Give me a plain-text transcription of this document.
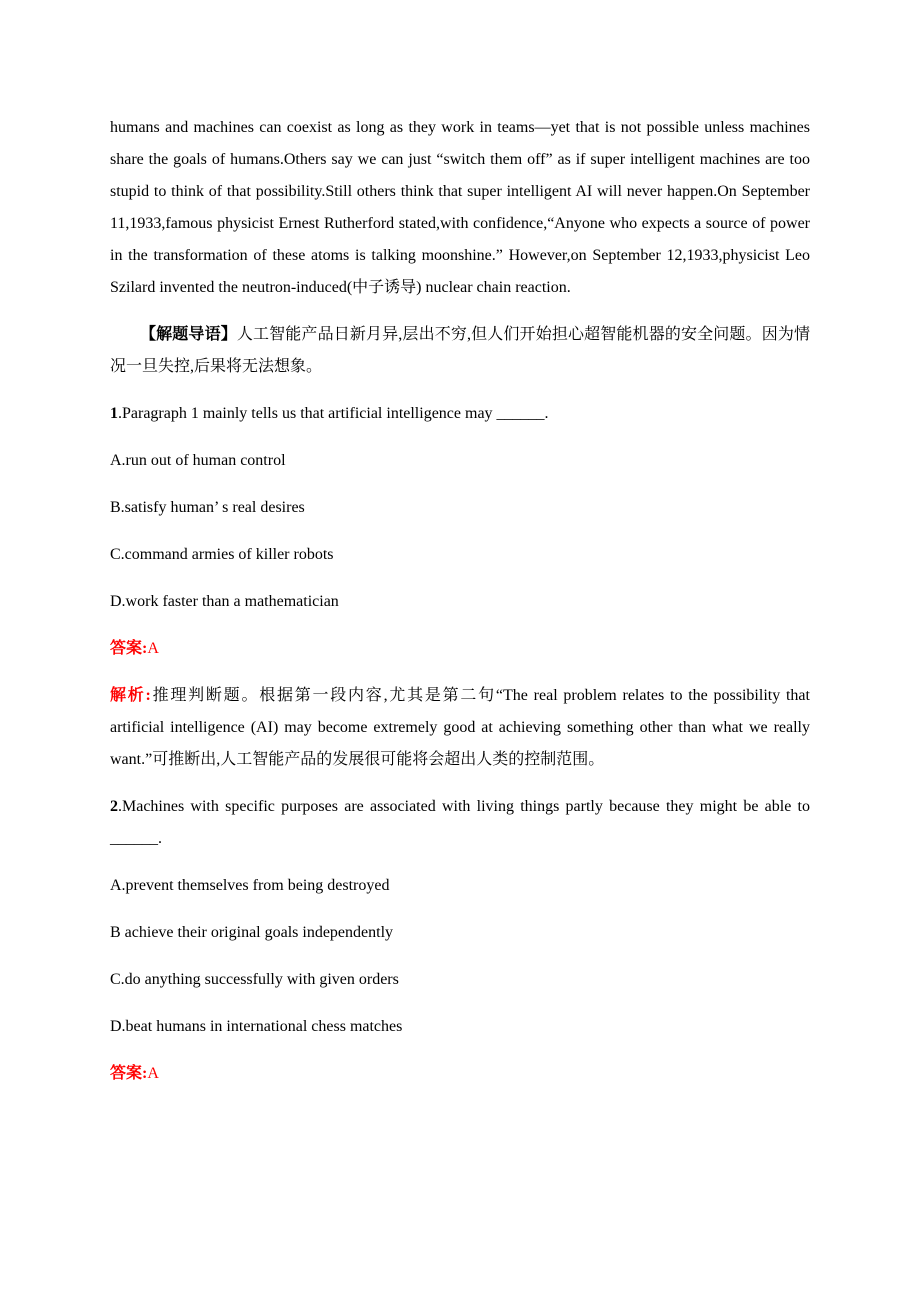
humans and machines can coexist as long as they work in teams—yet that is not possible unless machines share the goals of humans.Others say we can just “switch them off” as if super intelligent machines are too stupid to think of that possibility.Still others think that super intelligent AI will never happen.On September 11,1933,famous physicist Ernest Rutherford stated,with confidence,“Anyone who expects a source of power in the transformation of these atoms is talking moonshine.” However,on September 12,1933,physicist Leo Szilard invented the neutron-induced(中子诱导) nuclear chain reaction.

【解题导语】人工智能产品日新月异,层出不穷,但人们开始担心超智能机器的安全问题。因为情况一旦失控,后果将无法想象。

1.Paragraph 1 mainly tells us that artificial intelligence may ______.

A.run out of human control

B.satisfy human’ s real desires

C.command armies of killer robots

D.work faster than a mathematician

答案:A

解析:推理判断题。根据第一段内容,尤其是第二句“The real problem relates to the possibility that artificial intelligence (AI) may become extremely good at achieving something other than what we really want.”可推断出,人工智能产品的发展很可能将会超出人类的控制范围。

2.Machines with specific purposes are associated with living things partly because they might be able to ______.

A.prevent themselves from being destroyed

B achieve their original goals independently

C.do anything successfully with given orders

D.beat humans in international chess matches

答案:A
